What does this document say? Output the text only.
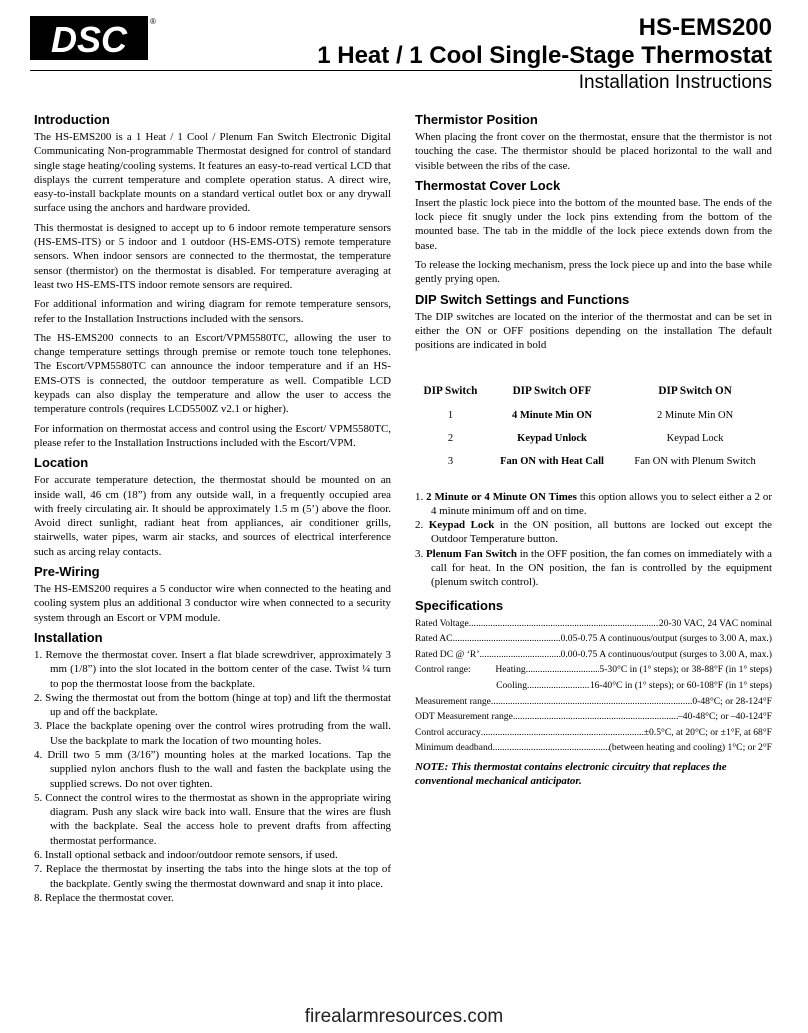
DSC	®	HS-EMS200
1 Heat / 1 Cool Single-Stage Thermostat
Installation Instructions
Introduction

The HS-EMS200 is a 1 Heat / 1 Cool / Plenum Fan Switch Electronic Digital Communicating Non-programmable Thermostat designed for control of standard single stage heating/cooling systems. It features an easy-to-read vertical LCD that displays the current temperature and complete operation status. A direct wire, easy-to-install backplate mounts on a standard vertical outlet box or any drywall surface using the anchors and hardware provided.

This thermostat is designed to accept up to 6 indoor remote temperature sensors (HS-EMS-ITS) or 5 indoor and 1 outdoor (HS-EMS-OTS) remote temperature sensors. When indoor sensors are connected to the thermostat, the temperature sensor (thermistor) on the thermostat is disabled. For temperature averaging at least two HS-EMS-ITS indoor remote sensors are required.

For additional information and wiring diagram for remote temperature sensors, refer to the Installation Instructions included with the sensors.

The HS-EMS200 connects to an Escort/VPM5580TC, allowing the user to change temperature settings through premise or remote touch tone telephones. The Escort/VPM5580TC can announce the indoor temperature and if an HS-EMS-OTS is connected, the outdoor temperature as well. Compatible LCD keypads can also display the temperature and allow the user to access the temperature controls (requires LCD5500Z v2.1 or higher).

For information on thermostat access and control using the Escort/ VPM5580TC, please refer to the Installation Instructions included with the Escort/VPM.

Location

For accurate temperature detection, the thermostat should be mounted on an inside wall, 46 cm (18”) from any outside wall, in a frequently occupied area with freely circulating air. It should be approximately 1.5 m (5’) above the floor. Avoid direct sunlight, radiant heat from appliances, air conditioner grills, stairwells, water pipes, warm air stacks, and sources of electrical interference such as arcing relay contacts.

Pre-Wiring

The HS-EMS200 requires a 5 conductor wire when connected to the heating and cooling system plus an additional 3 conductor wire when connected to a security system through an Escort or VPM module.

Installation
1. Remove the thermostat cover. Insert a flat blade screwdriver, approximately 3 mm (1/8”) into the slot located in the bottom center of the case. Twist ¼ turn to pop the thermostat loose from the backplate.
2. Swing the thermostat out from the bottom (hinge at top) and lift the thermostat up and off the backplate.
3. Place the backplate opening over the control wires protruding from the wall. Use the backplate to mark the location of two mounting holes.
4. Drill two 5 mm (3/16”) mounting holes at the marked locations. Tap the supplied nylon anchors flush to the wall and fasten the backplate using the supplied screws. Do not over tighten.
5. Connect the control wires to the thermostat as shown in the appropriate wiring diagram. Push any slack wire back into wall. Ensure that the wires are flush with the backplate. Seal the access hole to prevent drafts from affecting thermostat performance.
6. Install optional setback and indoor/outdoor remote sensors, if used.
7. Replace the thermostat by inserting the tabs into the hinge slots at the top of the backplate. Gently swing the thermostat downward and snap it into place.
8. Replace the thermostat cover.
Thermistor Position

When placing the front cover on the thermostat, ensure that the thermistor is not touching the case. The thermistor should be placed horizontal to the wall and visible between the ribs of the case.

Thermostat Cover Lock

Insert the plastic lock piece into the bottom of the mounted base. The ends of the lock piece fit snugly under the lock pins extending from the bottom of the mounted base. The tab in the middle of the lock piece extends down from the base.

To release the locking mechanism, press the lock piece up and into the base while gently prying open.

DIP Switch Settings and Functions

The DIP switches are located on the interior of the thermostat and can be set in either the ON or OFF positions depending on the installation The default positions are indicated in bold

DIP Switch	DIP Switch OFF	DIP Switch ON
1	4 Minute Min ON	2 Minute Min ON
2	Keypad Unlock	Keypad Lock
3	Fan ON with Heat Call	Fan ON with Plenum Switch
1. 2 Minute or 4 Minute ON Times this option allows you to select either a 2 or 4 minute minimum off and on time.
2. Keypad Lock in the ON position, all buttons are locked out except the Outdoor Temperature button.
3. Plenum Fan Switch in the OFF position, the fan comes on immediately with a call for heat. In the ON position, the fan is controlled by the equipment (plenum switch control).
Specifications
Rated Voltage .....	20-30 VAC, 24 VAC nominal
Rated AC .....	0.05-0.75 A continuous/output (surges to 3.00 A, max.)
Rated DC @ ‘R’ .....	0.00-0.75 A continuous/output (surges to 3.00 A, max.)
Control range:	Heating .....	5-30°C in (1° steps); or 38-88°F (in 1° steps)
Cooling .....	16-40°C in (1° steps); or 60-108°F (in 1° steps)
Measurement range .....	0-48°C; or 28-124°F
ODT Measurement range .....	–40-48°C; or –40-124°F
Control accuracy .....	±0.5°C, at 20°C; or ±1°F, at 68°F
Minimum deadband .....	(between heating and cooling) 1°C; or 2°F
NOTE: This thermostat contains electronic circuitry that replaces the conventional mechanical anticipator.
firealarmresources.com
